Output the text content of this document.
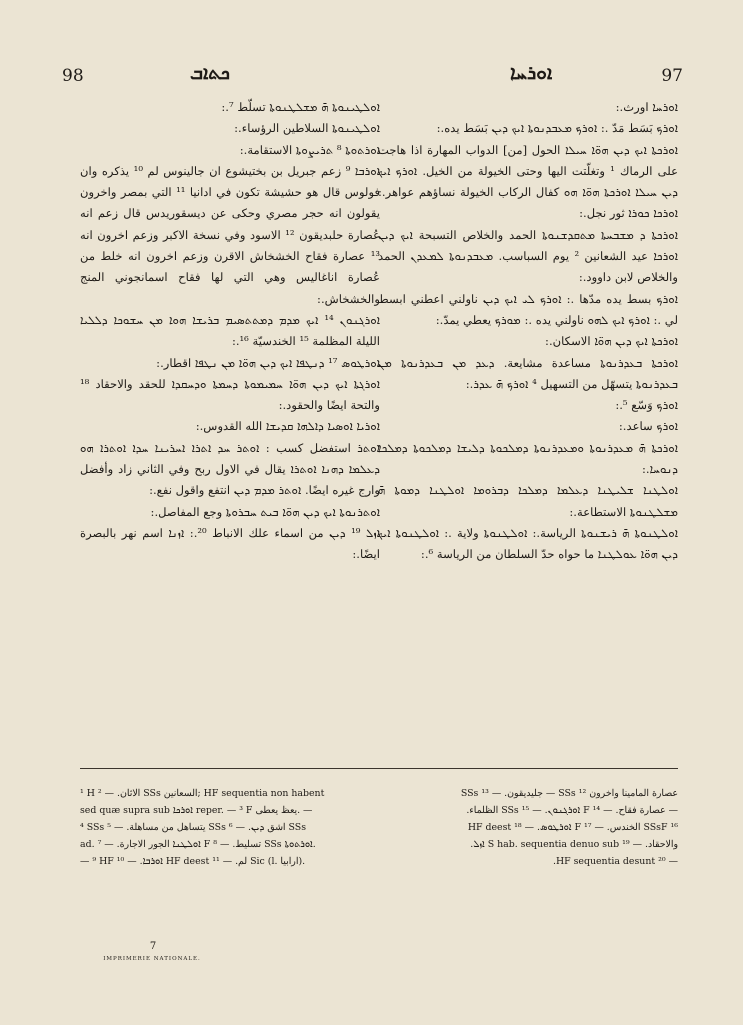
98	ܟܬܐܒ	ܐܘܪܚܐ	97

ܐܘܠܛܝܢܘܬܐ ܗ̄ ܡܫܠܛܢܘܬܐ تسلّط ⁷.:

ܐܘܠܛܝܢܘܬܐ السلاطين الرؤساء.:

ܐܘܪܬܘܬܐ ⁸ ܬܪܝܨܘܬܐ الاستقامة.:

ܐܘܪܒܐ ⁹ زعم جبريل بن بختيشوع ان جالينوس لم ¹⁰ يذكره وان فولوس قال هو حشيشة تكون في ادانيا ¹¹ التي بمصر واخرون يقولون انه حجر مصري وحكى عن ديسقوريدس قال زعم انه عُصارة حلبديقون ¹² الاسود وفي نسخة الاكبر وزعم اخرون انه ¹³ عصارة فقاح الخشخاش الاقرن وزعم اخرون انه خلط من عُصارة اناغاليس وهي التي لها فقاح اسمانجوني المنج والخشخاش.:

ܐܘܪܓܢܘܢ ¹⁴ ܐܝܟ ܡܕܡ ܕܡܬܬܣܝܡ ܒܪܝܫܐ ܗܘܐ ܡܢ ܚܫܘܟܐ ܕܠܠܝܐ الليلة المظلمة ¹⁵ الخندسيّة ¹⁶.:

ܐܘܪܛܘܣ ¹⁷ ܕܢܛܦܐ ܐܝܟ ܕܝܢ ܗܘ̈ܐ ܡܢ ܢܛܦܐ اقطار.:

ܐܘܪܓܬܐ ܐܝܟ ܕܝܢ ܗܘ̈ܐ ܚܡܝܡܘܬܐ ܕܚܡܬܐ ܘܕܚܩܕܐ للحقد والاحقاد ¹⁸ والتحة ايضًا والحقود.:

ܐܘܪܝܐ ܐܘܣܝܐ ܕܐܠܗܐ ܩܕܝܫܐ الله القدوس.:

ܐܘܬܪ استفضل كسب : ܐܘܬܪ ܚܕ ܐܬܪܐ ܐܚܪܝܢܐ ܚܕܐ ܐܘܬܪܐ ܗܘ ܕܥܠܡܐ ܕܗܢܐ ܐܘܬܪܐ يقال في الاول ربح وفي الثاني زاد وأفضل وارج غيره ايضًا. ܐܘܬܪ ܡܕܡ ܕܝܢ انتفع واقول نفع.:

ܐܘܬܪܢܘܬܐ ܐܝܟ ܕܝܢ ܗܘ̈ܐ ܒܝܬ ܚܒܪܘܬܐ وجع المفاصل.:

ܐܙܠ ¹⁹ ܕܝܢ من اسماء علك الانباط ²⁰.: ܐܙܢܐ اسم نهر بالبصرة ايضًا.:

ܐܘܪܚܐ اورث.:

ܐܘܪܟ بَسَط مَدّ .: ܐܘܪܟ ܡܥܒܕܢܘܬܐ ܐܝܟ ܕܝܢ بَسَط يده.:

ܐܘܪܟܬܐ ܐܝܟ ܕܝܢ ܗܘ̈ܐ ܚܝܠܐ الحول [من] الدواب المهارة اذا هاجت على الرماك ¹ وتغلّتت اليها وحتى الخيولة من الخيل. ܐܘܪܟ ܐܝܟ ܕܝܢ ܚܝܠܐ ܐܘܪܟܬܐ ܗܘ̈ܐ ܗܘ كفال الركاب الخيولة نساؤهم عواهر.: ܐܘܪܟܐ ܟܘܪܐ ثور نجل.:

ܐܘܪܟܬܐ ܕ ܡܫܒܚܬܐ ܡܬܩܕܫܢܘܬܐ الحمد والخلاص التسبحة ܐܝܟ ܕܝܢ ܐܘܪܟܐ عيد الشعانين ² يوم السباسب. ܡܥܒܕܢܘܬܐ ܠܡܥܕܢ الحمد والخلاص لابن داوود.:

ܐܘܪܟ بسط يده مدّها .: ܐܘܪܟ ܠܝ ܐܝܟ ܕܝܢ ناولني اعطني ابسط لي .: ܐܘܪܟ ܐܝܟ ܠܗܘ ناولني يده .: ܡܘܪܟ يعطي يمدّ.:

ܐܘܪܟܬܐ ܐܝܟ ܕܝܢ ܗܘ̈ܐ الاسكان.:

ܐܘܪܟܬܐ ܒܥܕܪܢܘܬܐ مساعدة مشايعة. ܕܥܕ ܡܢ ܒܥܕܪܢܘܬܐ ܡܢ ܒܥܕܪܢܘܬܐ يتسهّل من التسهيل ⁴ ܐܘܪܟ ܗ̄ ܥܕܪ.:

ܐܘܪܟ وَسّع ⁵.:

ܐܘܪܟ ساعد.:

ܐܘܪܟܬܐ ܗ̄ ܡܥܕܪܢܘܬܐ ܘܡܥܕܪܢܘܬܐ ܕܡܠܟܘܬܐ ܕܠܝܫܐ ܕܡܠܟܘܬܐ ܕܡܠܟܐ ܕܢܘܚܐ.:

ܐܘܠܛܢܐ ܫܠܝܛܢܐ ܕܥܠܡܐ ܕܡܠܟܐ ܕܒܪܘܡܐ ܐܘܠܛܢܐ ܕܡܘܬܐ ܗ̄ ܡܫܠܛܢܘܬܐ الاستطاعة.:

ܐܘܠܛܢܘܬܐ ܗ̄ ܪܝܫܢܘܬܐ الرياسة.: ܐܘܠܛܢܘܬܐ ولاية .: ܐܘܠܛܢܘܬܐ ܐܝܟ ܕܝܢ ܗܘ̈ܐ ܥܘܠܛܢܐ ما حواه حدّ السلطان من الرياسة ⁶.:

¹ H الاثان. — ² SSs السعانين; HF sequentia non habent

sed quæ supra sub ܐܘܪܟܐ reper. — ³ F يعظ يعطى. —

⁴ SSs يتساهل من مساهلة. — ⁵ SSs اشق ܕܝܢ. — ⁶ SSs

ad. ܐܘܠܛܢܐ الجور الاجارة. — ⁷ F تسليط. — ⁸ SSs ܐܘܪܬܘܬܐ.

— ⁹ HF ܐܘܪܒܐ. — ¹⁰ HF deest لم. — ¹¹ Sic (l. ارابيا).

عصارة المامينا واخرون ¹² SSs — جليديقون. — ¹³ SSs

— عصارة فقاح. — ¹⁴ F ܐܘܪܓܢܘܢ. — ¹⁵ SSs الظلماء.

¹⁶ SSsF الخندس. — ¹⁷ F ܐܘܪܛܘܣ. — ¹⁸ HF deest

والاحقاد. — ¹⁹ S hab. sequentia denuo sub ܐܙܠ.

— ²⁰ HF sequentia desunt.

7
IMPRIMERIE NATIONALE.
